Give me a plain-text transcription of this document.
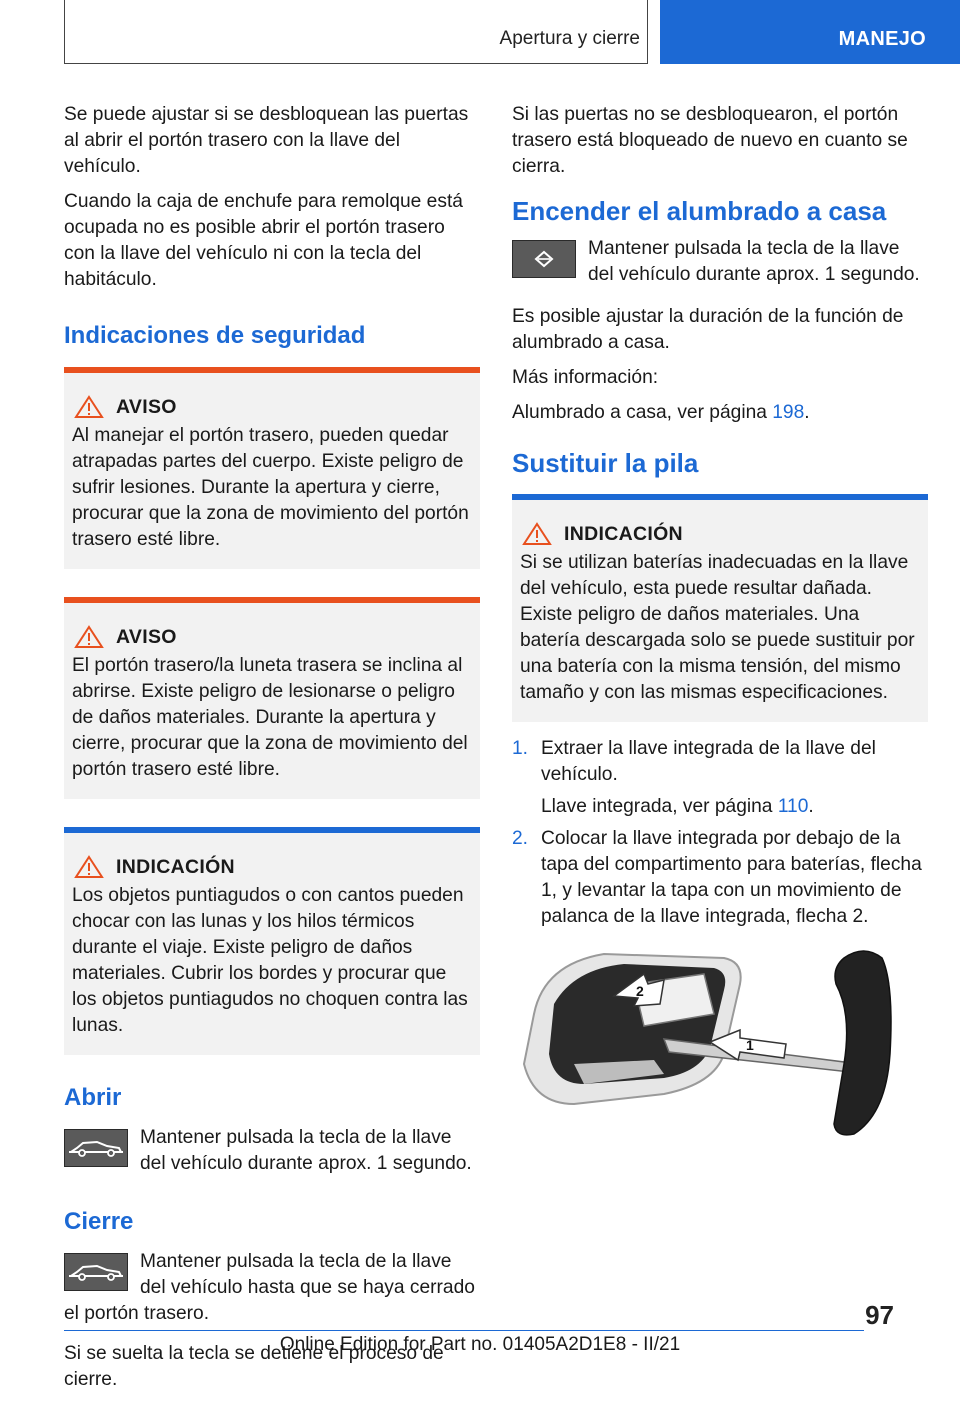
Apertura y cierre	MANEJO

Se puede ajustar si se desbloquean las puertas al abrir el portón trasero con la llave del vehículo.

Cuando la caja de enchufe para remolque está ocupada no es posible abrir el portón trasero con la llave del vehículo ni con la tecla del habitáculo.

Indicaciones de seguridad
AVISO

Al manejar el portón trasero, pueden quedar atrapadas partes del cuerpo. Existe peligro de sufrir lesiones. Durante la apertura y cierre, procurar que la zona de movimiento del portón trasero esté libre.

AVISO

El portón trasero/la luneta trasera se inclina al abrirse. Existe peligro de lesionarse o peligro de daños materiales. Durante la apertura y cierre, procurar que la zona de movimiento del portón trasero esté libre.

INDICACIÓN

Los objetos puntiagudos o con cantos pueden chocar con las lunas y los hilos térmicos durante el viaje. Existe peligro de daños materiales. Cubrir los bordes y procurar que los objetos puntiagudos no choquen contra las lunas.

Abrir

Mantener pulsada la tecla de la llave del vehículo durante aprox. 1 segundo.

Cierre

Mantener pulsada la tecla de la llave del vehículo hasta que se haya cerrado el portón trasero.

Si se suelta la tecla se detiene el proceso de cierre.

Si las puertas no se desbloquearon, el portón trasero está bloqueado de nuevo en cuanto se cierra.

Encender el alumbrado a casa

Mantener pulsada la tecla de la llave del vehículo durante aprox. 1 segundo.

Es posible ajustar la duración de la función de alumbrado a casa.

Más información:

Alumbrado a casa, ver página 198.

Sustituir la pila
INDICACIÓN

Si se utilizan baterías inadecuadas en la llave del vehículo, esta puede resultar dañada. Existe peligro de daños materiales. Una batería descargada solo se puede sustituir por una batería con la misma tensión, del mismo tamaño y con las mismas especificaciones.

1. Extraer la llave integrada de la llave del vehículo.
Llave integrada, ver página 110.
2. Colocar la llave integrada por debajo de la tapa del compartimento para baterías, flecha 1, y levantar la tapa con un movimiento de palanca de la llave integrada, flecha 2.
2
1
97
Online Edition for Part no. 01405A2D1E8 - II/21
